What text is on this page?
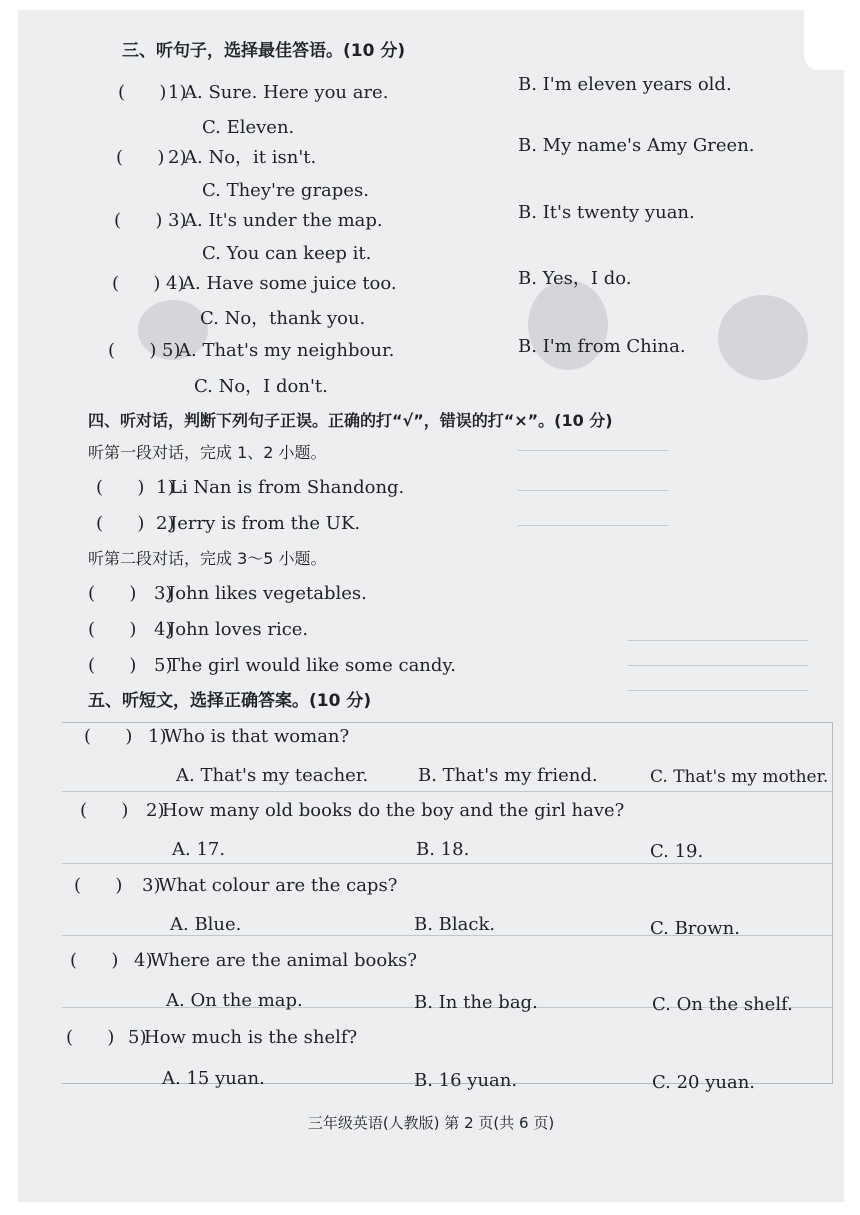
三、听句子，选择最佳答语。(10 分)
(      ) 1)
A. Sure. Here you are.
C. Eleven.
B. I'm eleven years old.
(      ) 2)
A. No，it isn't.
C. They're grapes.
B. My name's Amy Green.
(      ) 3)
A. It's under the map.
C. You can keep it.
B. It's twenty yuan.
(      ) 4)
A. Have some juice too.
C. No，thank you.
B. Yes，I do.
(      ) 5)
A. That's my neighbour.
C. No，I don't.
B. I'm from China.
四、听对话，判断下列句子正误。正确的打“√”，错误的打“×”。(10 分)
听第一段对话，完成 1、2 小题。
(      ) 1)
Li Nan is from Shandong.
(      ) 2)
Jerry is from the UK.
听第二段对话，完成 3～5 小题。
(      ) 3)
John likes vegetables.
(      ) 4)
John loves rice.
(      ) 5)
The girl would like some candy.
五、听短文，选择正确答案。(10 分)
(      ) 1)
Who is that woman?
A. That's my teacher.	B. That's my friend.	C. That's my mother.
(      ) 2)
How many old books do the boy and the girl have?
A. 17.	B. 18.	C. 19.
(      ) 3)
What colour are the caps?
A. Blue.	B. Black.	C. Brown.
(      ) 4)
Where are the animal books?
A. On the map.	B. In the bag.	C. On the shelf.
(      ) 5)
How much is the shelf?
A. 15 yuan.	B. 16 yuan.	C. 20 yuan.
三年级英语(人教版) 第 2 页(共 6 页)
